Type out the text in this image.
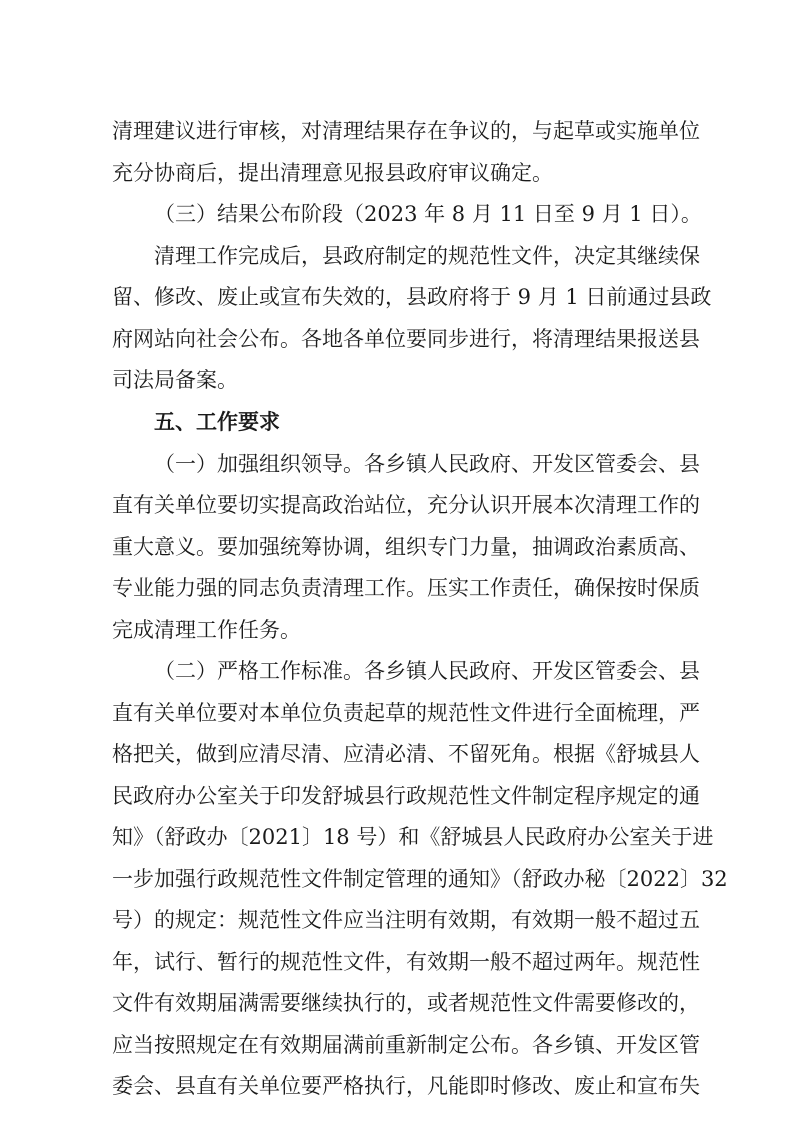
清理建议进行审核，对清理结果存在争议的，与起草或实施单位
充分协商后，提出清理意见报县政府审议确定。
（三）结果公布阶段（2023 年 8 月 11 日至 9 月 1 日）。
清理工作完成后，县政府制定的规范性文件，决定其继续保
留、修改、废止或宣布失效的，县政府将于 9 月 1 日前通过县政
府网站向社会公布。各地各单位要同步进行，将清理结果报送县
司法局备案。
五、工作要求
（一）加强组织领导。各乡镇人民政府、开发区管委会、县
直有关单位要切实提高政治站位，充分认识开展本次清理工作的
重大意义。要加强统筹协调，组织专门力量，抽调政治素质高、
专业能力强的同志负责清理工作。压实工作责任，确保按时保质
完成清理工作任务。
（二）严格工作标准。各乡镇人民政府、开发区管委会、县
直有关单位要对本单位负责起草的规范性文件进行全面梳理，严
格把关，做到应清尽清、应清必清、不留死角。根据《舒城县人
民政府办公室关于印发舒城县行政规范性文件制定程序规定的通
知》（舒政办〔2021〕18 号）和《舒城县人民政府办公室关于进
一步加强行政规范性文件制定管理的通知》（舒政办秘〔2022〕32
号）的规定：规范性文件应当注明有效期，有效期一般不超过五
年，试行、暂行的规范性文件，有效期一般不超过两年。规范性
文件有效期届满需要继续执行的，或者规范性文件需要修改的，
应当按照规定在有效期届满前重新制定公布。各乡镇、开发区管
委会、县直有关单位要严格执行，凡能即时修改、废止和宣布失
